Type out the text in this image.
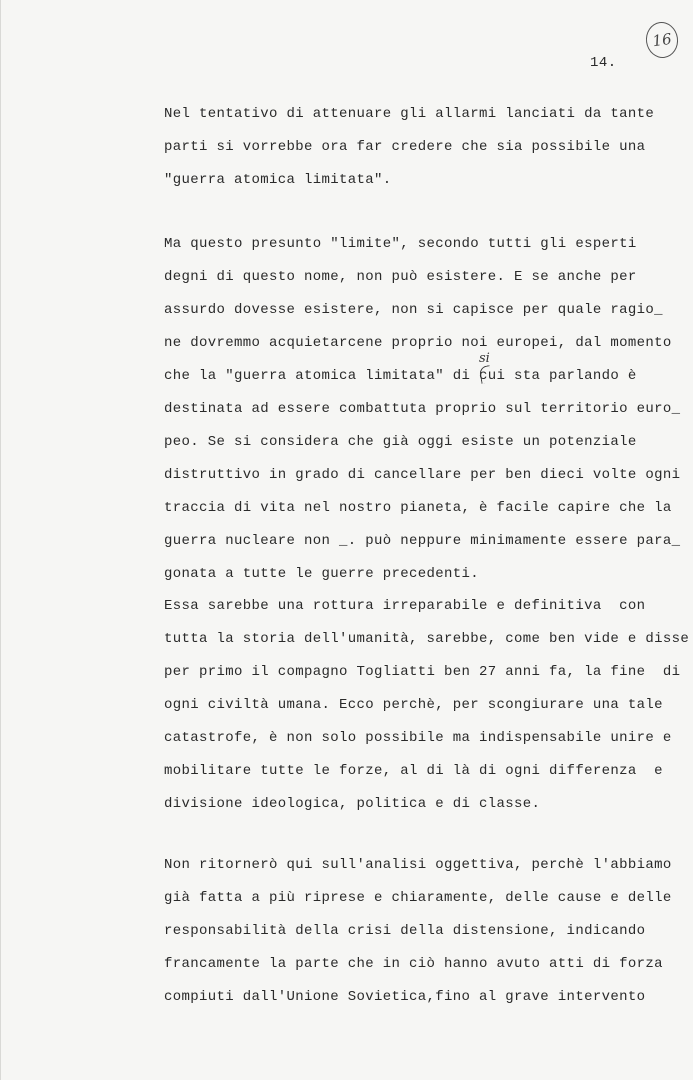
16
14.
Nel tentativo di attenuare gli allarmi lanciati da tante
parti si vorrebbe ora far credere che sia possibile una
"guerra atomica limitata".
Ma questo presunto "limite", secondo tutti gli esperti
degni di questo nome, non può esistere. E se anche per
assurdo dovesse esistere, non si capisce per quale ragio_
ne dovremmo acquietarcene proprio noi europei, dal momento
che la "guerra atomica limitata" di cui sta parlando è
destinata ad essere combattuta proprio sul territorio euro_
peo. Se si considera che già oggi esiste un potenziale
distruttivo in grado di cancellare per ben dieci volte ogni
traccia di vita nel nostro pianeta, è facile capire che la
guerra nucleare non _. può neppure minimamente essere para_
gonata a tutte le guerre precedenti.
Essa sarebbe una rottura irreparabile e definitiva  con
tutta la storia dell'umanità, sarebbe, come ben vide e disse
per primo il compagno Togliatti ben 27 anni fa, la fine  di
ogni civiltà umana. Ecco perchè, per scongiurare una tale
catastrofe, è non solo possibile ma indispensabile unire e
mobilitare tutte le forze, al di là di ogni differenza  e
divisione ideologica, politica e di classe.
Non ritornerò qui sull'analisi oggettiva, perchè l'abbiamo
già fatta a più riprese e chiaramente, delle cause e delle
responsabilità della crisi della distensione, indicando
francamente la parte che in ciò hanno avuto atti di forza
compiuti dall'Unione Sovietica,fino al grave intervento
si
